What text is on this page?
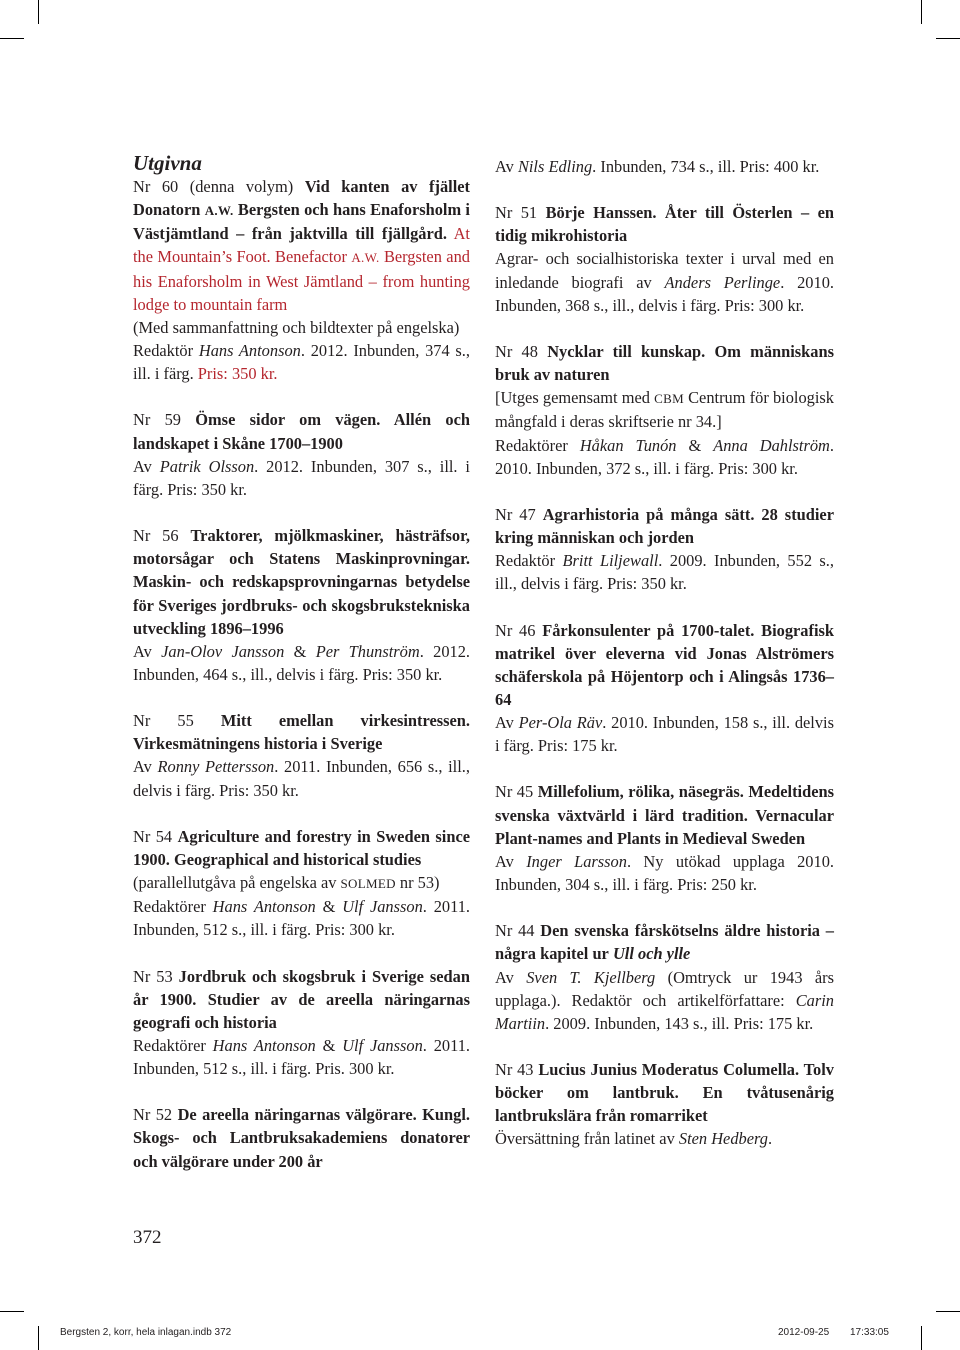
Utgivna

Nr 60 (denna volym) Vid kanten av fjället Donatorn A.W. Bergsten och hans Enaforsholm i Västjämtland – från jaktvilla till fjällgård. At the Mountain’s Foot. Benefactor A.W. Bergsten and his Enaforsholm in West Jämtland – from hunting lodge to mountain farm

(Med sammanfattning och bildtexter på engelska)

Redaktör Hans Antonson. 2012. Inbunden, 374 s., ill. i färg. Pris: 350 kr.

Nr 59 Ömse sidor om vägen. Allén och landskapet i Skåne 1700–1900

Av Patrik Olsson. 2012. Inbunden, 307 s., ill. i färg. Pris: 350 kr.

Nr 56 Traktorer, mjölkmaskiner, hästräfsor, motorsågar och Statens Maskinprovningar. Maskin- och redskapsprovningarnas betydelse för Sveriges jordbruks- och skogsbrukstekniska utveckling 1896–1996

Av Jan-Olov Jansson & Per Thunström. 2012. Inbunden, 464 s., ill., delvis i färg. Pris: 350 kr.

Nr 55 Mitt emellan virkesintressen. Virkesmätningens historia i Sverige

Av Ronny Pettersson. 2011. Inbunden, 656 s., ill., delvis i färg. Pris: 350 kr.

Nr 54 Agriculture and forestry in Sweden since 1900. Geographical and historical studies

(parallellutgåva på engelska av SOLMED nr 53)

Redaktörer Hans Antonson & Ulf Jansson. 2011. Inbunden, 512 s., ill. i färg. Pris: 300 kr.

Nr 53 Jordbruk och skogsbruk i Sverige sedan år 1900. Studier av de areella näringarnas geografi och historia

Redaktörer Hans Antonson & Ulf Jansson. 2011. Inbunden, 512 s., ill. i färg. Pris. 300 kr.

Nr 52 De areella näringarnas välgörare. Kungl. Skogs- och Lantbruksakademiens donatorer och välgörare under 200 år

Av Nils Edling. Inbunden, 734 s., ill. Pris: 400 kr.

Nr 51 Börje Hanssen. Åter till Österlen – en tidig mikrohistoria

Agrar- och socialhistoriska texter i urval med en inledande biografi av Anders Perlinge. 2010. Inbunden, 368 s., ill., delvis i färg. Pris: 300 kr.

Nr 48 Nycklar till kunskap. Om människans bruk av naturen

[Utges gemensamt med CBM Centrum för biologisk mångfald i deras skriftserie nr 34.]

Redaktörer Håkan Tunón & Anna Dahlström. 2010. Inbunden, 372 s., ill. i färg. Pris: 300 kr.

Nr 47 Agrarhistoria på många sätt. 28 studier kring människan och jorden

Redaktör Britt Liljewall. 2009. Inbunden, 552 s., ill., delvis i färg. Pris: 350 kr.

Nr 46 Fårkonsulenter på 1700-talet. Biografisk matrikel över eleverna vid Jonas Alströmers schäferskola på Höjentorp och i Alingsås 1736–64

Av Per-Ola Räv. 2010. Inbunden, 158 s., ill. delvis i färg. Pris: 175 kr.

Nr 45 Millefolium, rölika, näsegräs. Medeltidens svenska växtvärld i lärd tradition. Vernacular Plant-names and Plants in Medieval Sweden

Av Inger Larsson. Ny utökad upplaga 2010. Inbunden, 304 s., ill. i färg. Pris: 250 kr.

Nr 44 Den svenska fårskötselns äldre historia – några kapitel ur Ull och ylle

Av Sven T. Kjellberg (Omtryck ur 1943 års upplaga.). Redaktör och artikelförfattare: Carin Martiin. 2009. Inbunden, 143 s., ill. Pris: 175 kr.

Nr 43 Lucius Junius Moderatus Columella. Tolv böcker om lantbruk. En tvåtusenårig lantbrukslära från romarriket

Översättning från latinet av Sten Hedberg.

372
Bergsten 2, korr, hela inlagan.indb 372	2012-09-25 17:33:05
